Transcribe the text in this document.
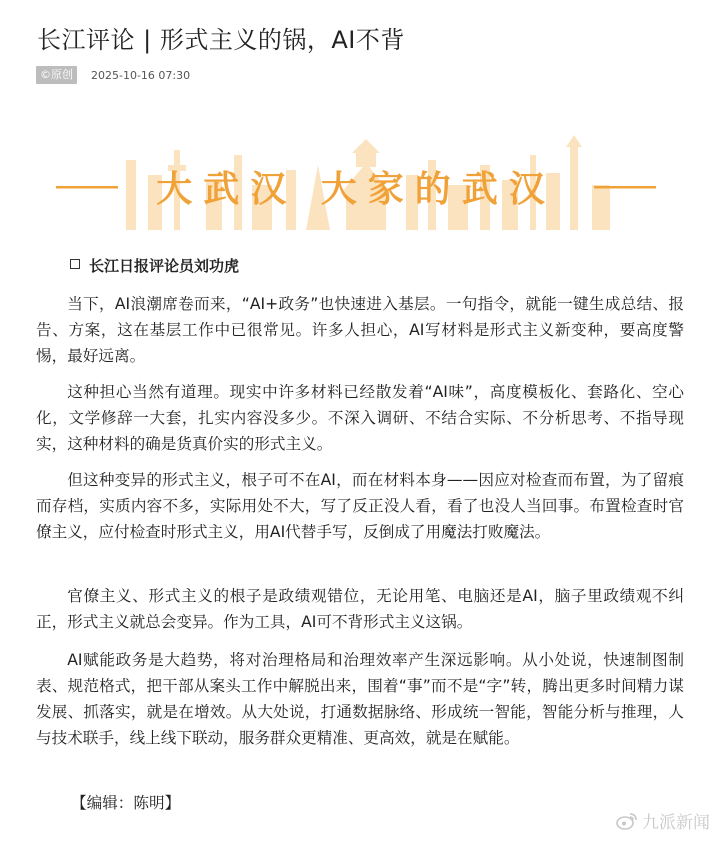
长江评论 | 形式主义的锅，AI不背
©原创	2025-10-16 07:30
大武汉 大家的武汉
长江日报评论员刘功虎

当下，AI浪潮席卷而来，“AI+政务”也快速进入基层。一句指令，就能一键生成总结、报告、方案，这在基层工作中已很常见。许多人担心，AI写材料是形式主义新变种，要高度警惕，最好远离。

这种担心当然有道理。现实中许多材料已经散发着“AI味”，高度模板化、套路化、空心化，文学修辞一大套，扎实内容没多少。不深入调研、不结合实际、不分析思考、不指导现实，这种材料的确是货真价实的形式主义。

但这种变异的形式主义，根子可不在AI，而在材料本身——因应对检查而布置，为了留痕而存档，实质内容不多，实际用处不大，写了反正没人看，看了也没人当回事。布置检查时官僚主义，应付检查时形式主义，用AI代替手写，反倒成了用魔法打败魔法。

官僚主义、形式主义的根子是政绩观错位，无论用笔、电脑还是AI，脑子里政绩观不纠正，形式主义就总会变异。作为工具，AI可不背形式主义这锅。

AI赋能政务是大趋势，将对治理格局和治理效率产生深远影响。从小处说，快速制图制表、规范格式，把干部从案头工作中解脱出来，围着“事”而不是“字”转，腾出更多时间精力谋发展、抓落实，就是在增效。从大处说，打通数据脉络、形成统一智能，智能分析与推理，人与技术联手，线上线下联动，服务群众更精准、更高效，就是在赋能。

【编辑：陈明】
九派新闻
